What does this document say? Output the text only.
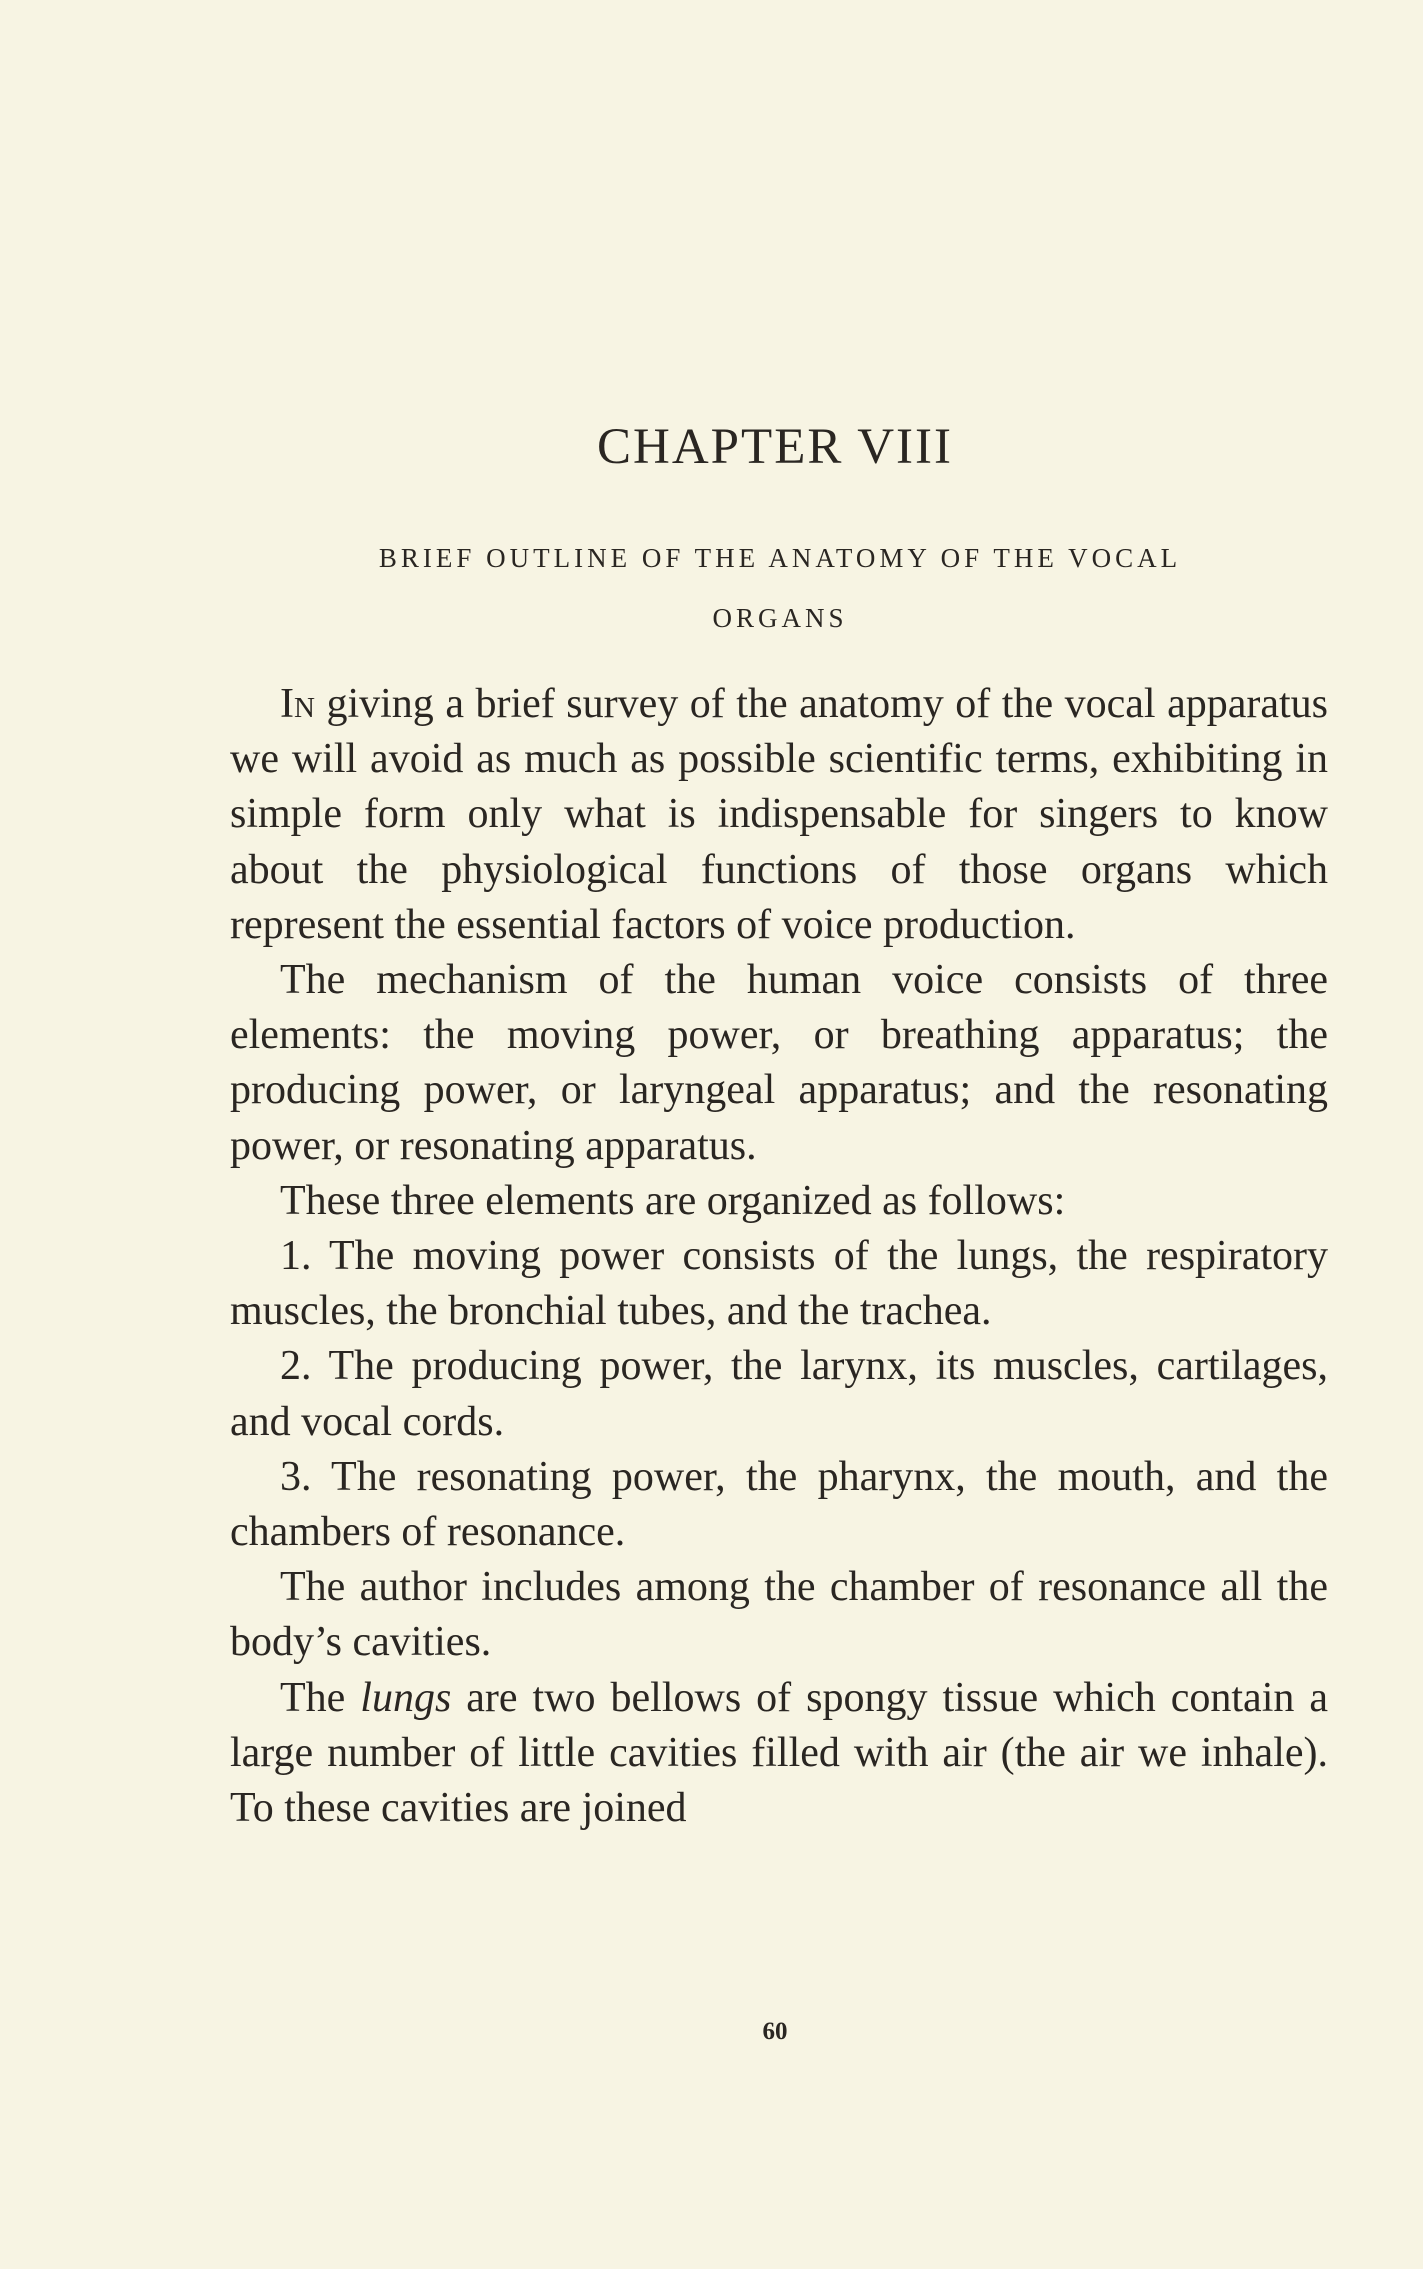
CHAPTER VIII
BRIEF OUTLINE OF THE ANATOMY OF THE VOCAL
ORGANS

In giving a brief survey of the anatomy of the vocal apparatus we will avoid as much as possible scientific terms, exhibiting in simple form only what is indispensable for singers to know about the physiological functions of those organs which represent the essential factors of voice production.

The mechanism of the human voice consists of three elements: the moving power, or breathing apparatus; the producing power, or laryngeal apparatus; and the resonating power, or resonating apparatus.

These three elements are organized as follows:

1. The moving power consists of the lungs, the respiratory muscles, the bronchial tubes, and the trachea.

2. The producing power, the larynx, its muscles, cartilages, and vocal cords.

3. The resonating power, the pharynx, the mouth, and the chambers of resonance.

The author includes among the chamber of resonance all the body’s cavities.

The lungs are two bellows of spongy tissue which contain a large number of little cavities filled with air (the air we inhale). To these cavities are joined

60
